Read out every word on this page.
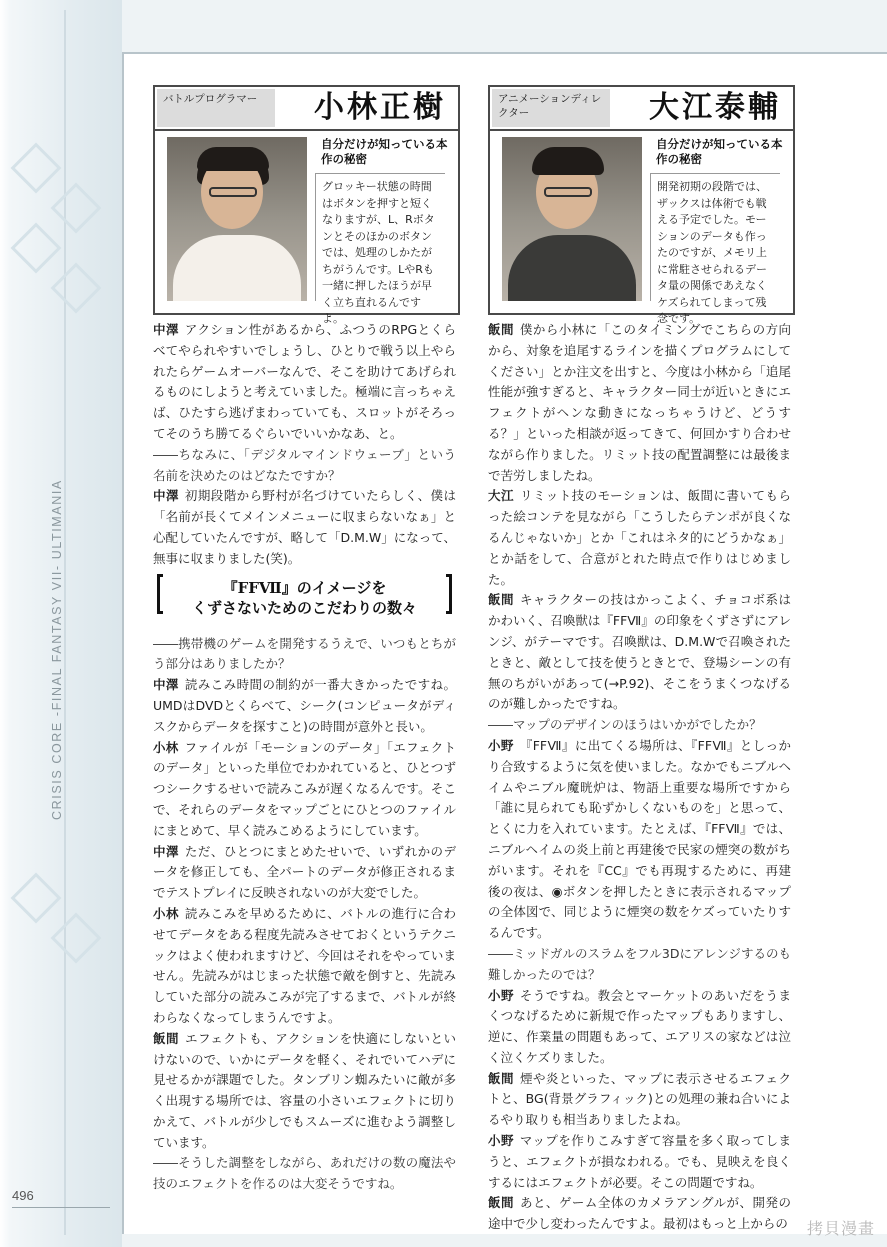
CRISIS CORE -FINAL FANTASY VII- ULTIMANIA
496
バトルプログラマー	小林正樹
自分だけが知っている本作の秘密
グロッキー状態の時間はボタンを押すと短くなりますが、L、Rボタンとそのほかのボタンでは、処理のしかたがちがうんです。LやRも一緒に押したほうが早く立ち直れるんですよ。
アニメーションディレクター	大江泰輔
自分だけが知っている本作の秘密
開発初期の段階では、ザックスは体術でも戦える予定でした。モーションのデータも作ったのですが、メモリ上に常駐させられるデータ量の関係であえなくケズられてしまって残念です。

中澤 アクション性があるから、ふつうのRPGとくらべてやられやすいでしょうし、ひとりで戦う以上やられたらゲームオーバーなんで、そこを助けてあげられるものにしようと考えていました。極端に言っちゃえば、ひたすら逃げまわっていても、スロットがそろってそのうち勝てるぐらいでいいかなあ、と。

――ちなみに、「デジタルマインドウェーブ」という名前を決めたのはどなたですか？

中澤 初期段階から野村が名づけていたらしく、僕は「名前が長くてメインメニューに収まらないなぁ」と心配していたんですが、略して「D.M.W」になって、無事に収まりました(笑)。

『FFⅦ』のイメージを
くずさないためのこだわりの数々

――携帯機のゲームを開発するうえで、いつもとちがう部分はありましたか？

中澤 読みこみ時間の制約が一番大きかったですね。UMDはDVDとくらべて、シーク(コンピュータがディスクからデータを探すこと)の時間が意外と長い。

小林 ファイルが「モーションのデータ」「エフェクトのデータ」といった単位でわかれていると、ひとつずつシークするせいで読みこみが遅くなるんです。そこで、それらのデータをマップごとにひとつのファイルにまとめて、早く読みこめるようにしています。

中澤 ただ、ひとつにまとめたせいで、いずれかのデータを修正しても、全パートのデータが修正されるまでテストプレイに反映されないのが大変でした。

小林 読みこみを早めるために、バトルの進行に合わせてデータをある程度先読みさせておくというテクニックはよく使われますけど、今回はそれをやっていません。先読みがはじまった状態で敵を倒すと、先読みしていた部分の読みこみが完了するまで、バトルが終わらなくなってしまうんですよ。

飯間 エフェクトも、アクションを快適にしないといけないので、いかにデータを軽く、それでいてハデに見せるかが課題でした。タンブリン蜘みたいに敵が多く出現する場所では、容量の小さいエフェクトに切りかえて、バトルが少しでもスムーズに進むよう調整しています。

――そうした調整をしながら、あれだけの数の魔法や技のエフェクトを作るのは大変そうですね。

飯間 僕から小林に「このタイミングでこちらの方向から、対象を追尾するラインを描くプログラムにしてください」とか注文を出すと、今度は小林から「追尾性能が強すぎると、キャラクター同士が近いときにエフェクトがヘンな動きになっちゃうけど、どうする？」といった相談が返ってきて、何回かすり合わせながら作りました。リミット技の配置調整には最後まで苦労しましたね。

大江 リミット技のモーションは、飯間に書いてもらった絵コンテを見ながら「こうしたらテンポが良くなるんじゃないか」とか「これはネタ的にどうかなぁ」とか話をして、合意がとれた時点で作りはじめました。

飯間 キャラクターの技はかっこよく、チョコボ系はかわいく、召喚獣は『FFⅦ』の印象をくずさずにアレンジ、がテーマです。召喚獣は、D.M.Wで召喚されたときと、敵として技を使うときとで、登場シーンの有無のちがいがあって(→P.92)、そこをうまくつなげるのが難しかったですね。

――マップのデザインのほうはいかがでしたか？

小野 『FFⅦ』に出てくる場所は、『FFⅦ』としっかり合致するように気を使いました。なかでもニブルヘイムやニブル魔晄炉は、物語上重要な場所ですから「誰に見られても恥ずかしくないものを」と思って、とくに力を入れています。たとえば、『FFⅦ』では、ニブルヘイムの炎上前と再建後で民家の煙突の数がちがいます。それを『CC』でも再現するために、再建後の夜は、◉ボタンを押したときに表示されるマップの全体図で、同じように煙突の数をケズっていたりするんです。

――ミッドガルのスラムをフル3Dにアレンジするのも難しかったのでは？

小野 そうですね。教会とマーケットのあいだをうまくつなげるために新規で作ったマップもありますし、逆に、作業量の問題もあって、エアリスの家などは泣く泣くケズりました。

飯間 煙や炎といった、マップに表示させるエフェクトと、BG(背景グラフィック)との処理の兼ね合いによるやり取りも相当ありましたよね。

小野 マップを作りこみすぎて容量を多く取ってしまうと、エフェクトが損なわれる。でも、見映えを良くするにはエフェクトが必要。そこの問題ですね。

飯間 あと、ゲーム全体のカメラアングルが、開発の途中で少し変わったんですよ。最初はもっと上からの 拷貝漫畫
